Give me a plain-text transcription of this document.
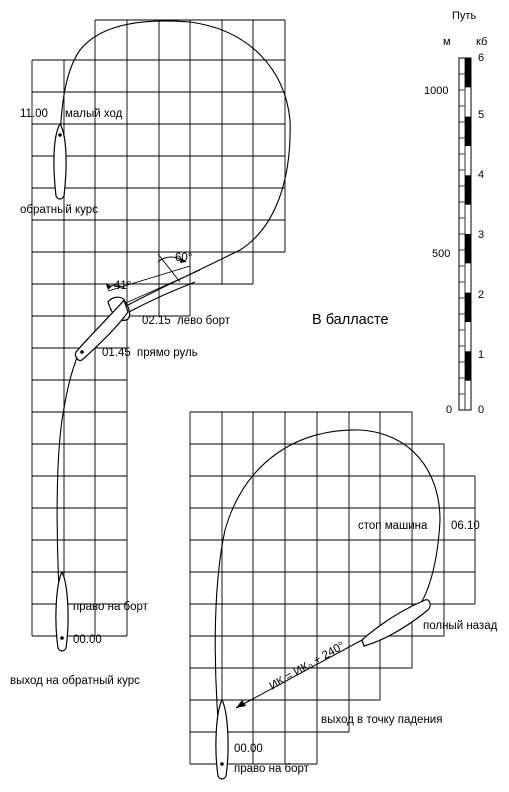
11.00 малый ход
обратный курс
41°
60°
02.15 лево борт
01.45 прямо руль
право на борт
00.00
выход на обратный курс
В балласте
Путь
м кб
1000
500
0
6
5
4
3
2
1
0
стоп машина 06.10
полный назад
ИК = ИК₀ + 240°
выход в точку падения
00.00
право на борт
